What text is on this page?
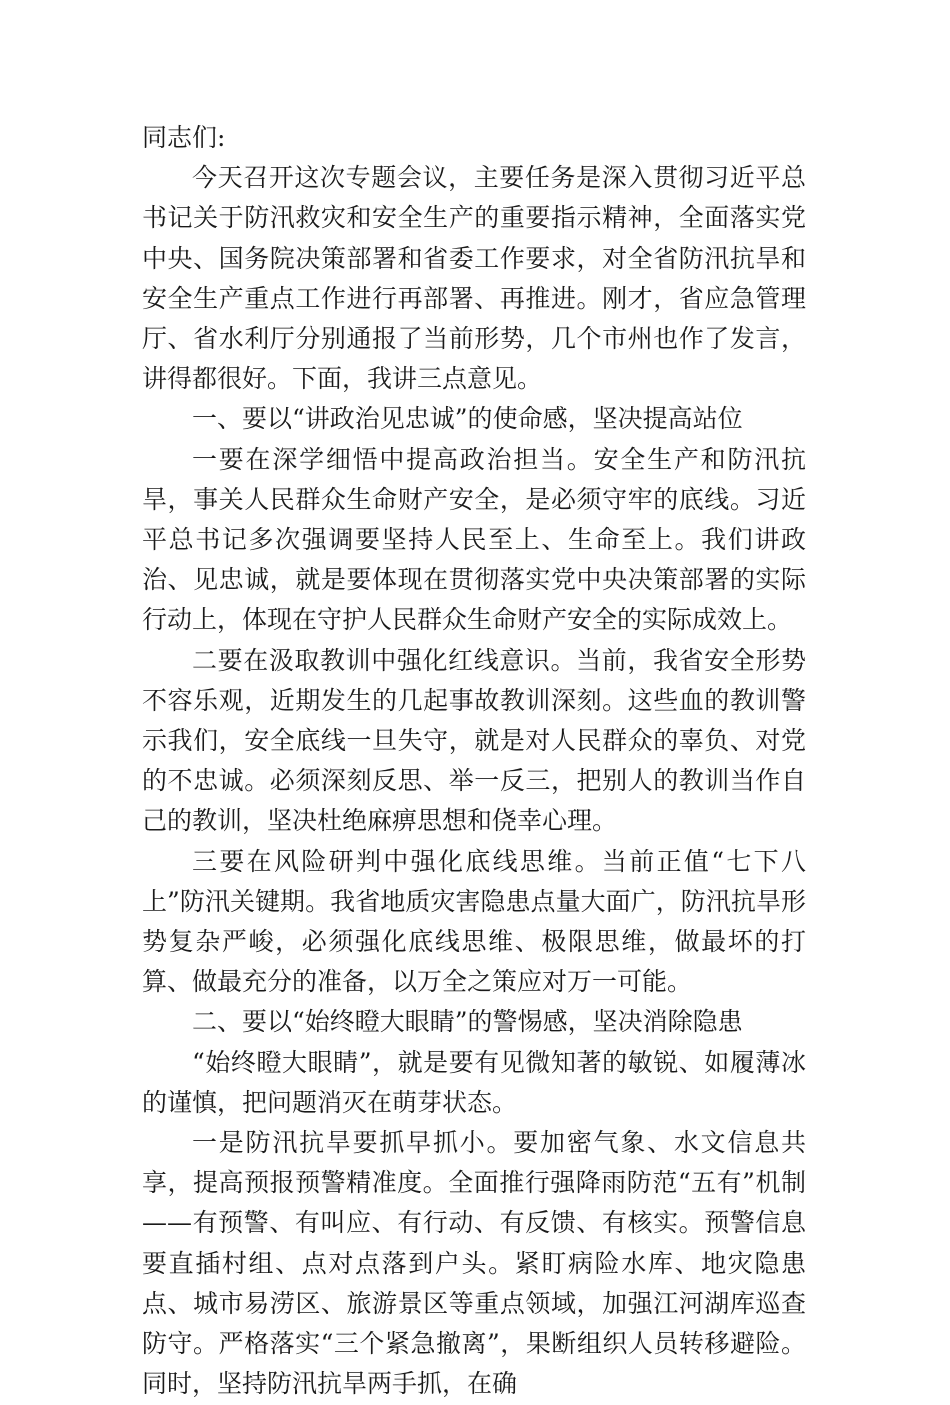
同志们:

今天召开这次专题会议，主要任务是深入贯彻习近平总书记关于防汛救灾和安全生产的重要指示精神，全面落实党中央、国务院决策部署和省委工作要求，对全省防汛抗旱和安全生产重点工作进行再部署、再推进。刚才，省应急管理厅、省水利厅分别通报了当前形势，几个市州也作了发言，讲得都很好。下面，我讲三点意见。

一、要以“讲政治见忠诚”的使命感，坚决提高站位

一要在深学细悟中提高政治担当。安全生产和防汛抗旱，事关人民群众生命财产安全，是必须守牢的底线。习近平总书记多次强调要坚持人民至上、生命至上。我们讲政治、见忠诚，就是要体现在贯彻落实党中央决策部署的实际行动上，体现在守护人民群众生命财产安全的实际成效上。

二要在汲取教训中强化红线意识。当前，我省安全形势不容乐观，近期发生的几起事故教训深刻。这些血的教训警示我们，安全底线一旦失守，就是对人民群众的辜负、对党的不忠诚。必须深刻反思、举一反三，把别人的教训当作自己的教训，坚决杜绝麻痹思想和侥幸心理。

三要在风险研判中强化底线思维。当前正值“七下八上”防汛关键期。我省地质灾害隐患点量大面广，防汛抗旱形势复杂严峻，必须强化底线思维、极限思维，做最坏的打算、做最充分的准备，以万全之策应对万一可能。

二、要以“始终瞪大眼睛”的警惕感，坚决消除隐患

“始终瞪大眼睛”，就是要有见微知著的敏锐、如履薄冰的谨慎，把问题消灭在萌芽状态。

一是防汛抗旱要抓早抓小。要加密气象、水文信息共享，提高预报预警精准度。全面推行强降雨防范“五有”机制——有预警、有叫应、有行动、有反馈、有核实。预警信息要直插村组、点对点落到户头。紧盯病险水库、地灾隐患点、城市易涝区、旅游景区等重点领域，加强江河湖库巡查防守。严格落实“三个紧急撤离”，果断组织人员转移避险。同时，坚持防汛抗旱两手抓，在确
